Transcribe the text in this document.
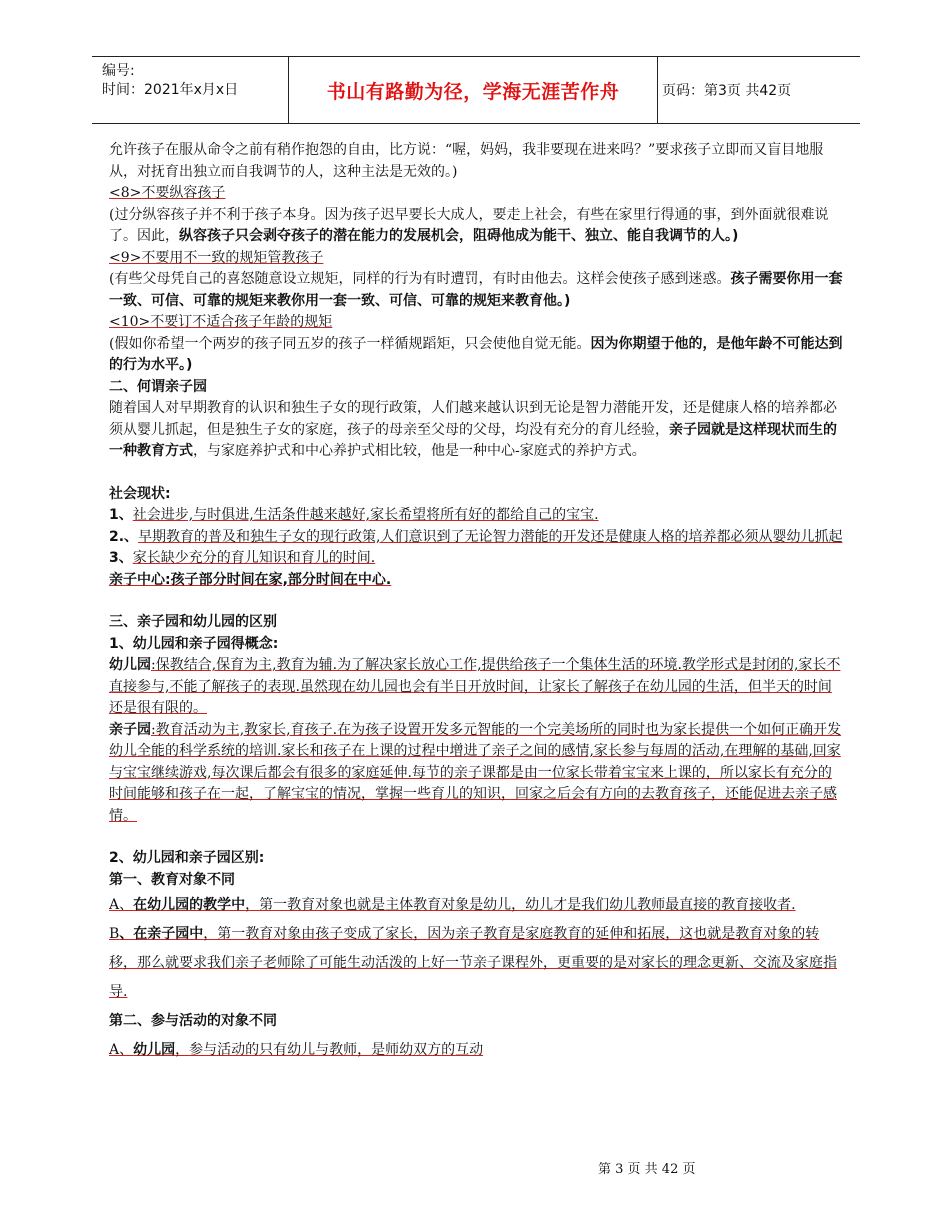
编号:
时间：2021年x月x日	书山有路勤为径，学海无涯苦作舟	页码：第3页 共42页

允许孩子在服从命令之前有稍作抱怨的自由，比方说：“喔，妈妈，我非要现在进来吗？”要求孩子立即而又盲目地服从，对抚育出独立而自我调节的人，这种主法是无效的。)

<8>不要纵容孩子

(过分纵容孩子并不利于孩子本身。因为孩子迟早要长大成人，要走上社会，有些在家里行得通的事，到外面就很难说了。因此，纵容孩子只会剥夺孩子的潜在能力的发展机会，阻碍他成为能干、独立、能自我调节的人。)

<9>不要用不一致的规矩管教孩子

(有些父母凭自己的喜怒随意设立规矩，同样的行为有时遭罚，有时由他去。这样会使孩子感到迷惑。孩子需要你用一套一致、可信、可靠的规矩来教你用一套一致、可信、可靠的规矩来教育他。)

<10>不要订不适合孩子年龄的规矩

(假如你希望一个两岁的孩子同五岁的孩子一样循规蹈矩，只会使他自觉无能。因为你期望于他的，是他年龄不可能达到的行为水平。)

二、何谓亲子园

随着国人对早期教育的认识和独生子女的现行政策，人们越来越认识到无论是智力潜能开发，还是健康人格的培养都必须从婴儿抓起，但是独生子女的家庭，孩子的母亲至父母的父母，均没有充分的育儿经验，亲子园就是这样现状而生的一种教育方式，与家庭养护式和中心养护式相比较，他是一种中心-家庭式的养护方式。

社会现状:

1、社会进步,与时俱进,生活条件越来越好,家长希望将所有好的都给自己的宝宝.

2.、早期教育的普及和独生子女的现行政策,人们意识到了无论智力潜能的开发还是健康人格的培养都必须从婴幼儿抓起

3、家长缺少充分的育儿知识和育儿的时间.

亲子中心:孩子部分时间在家,部分时间在中心.

三、亲子园和幼儿园的区别

1、幼儿园和亲子园得概念:

幼儿园:保教结合,保育为主,教育为辅.为了解决家长放心工作,提供给孩子一个集体生活的环境.教学形式是封闭的,家长不直接参与,不能了解孩子的表现.虽然现在幼儿园也会有半日开放时间，让家长了解孩子在幼儿园的生活，但半天的时间还是很有限的。

亲子园:教育活动为主,教家长,育孩子.在为孩子设置开发多元智能的一个完美场所的同时也为家长提供一个如何正确开发幼儿全能的科学系统的培训.家长和孩子在上课的过程中增进了亲子之间的感情,家长参与每周的活动,在理解的基础,回家与宝宝继续游戏,每次课后都会有很多的家庭延伸.每节的亲子课都是由一位家长带着宝宝来上课的，所以家长有充分的时间能够和孩子在一起，了解宝宝的情况，掌握一些育儿的知识，回家之后会有方向的去教育孩子，还能促进去亲子感情。

2、幼儿园和亲子园区别:

第一、教育对象不同

A、在幼儿园的教学中，第一教育对象也就是主体教育对象是幼儿，幼儿才是我们幼儿教师最直接的教育接收者.

B、在亲子园中，第一教育对象由孩子变成了家长，因为亲子教育是家庭教育的延伸和拓展，这也就是教育对象的转移，那么就要求我们亲子老师除了可能生动活泼的上好一节亲子课程外，更重要的是对家长的理念更新、交流及家庭指导.

第二、参与活动的对象不同

A、幼儿园，参与活动的只有幼儿与教师，是师幼双方的互动

第 3 页 共 42 页
